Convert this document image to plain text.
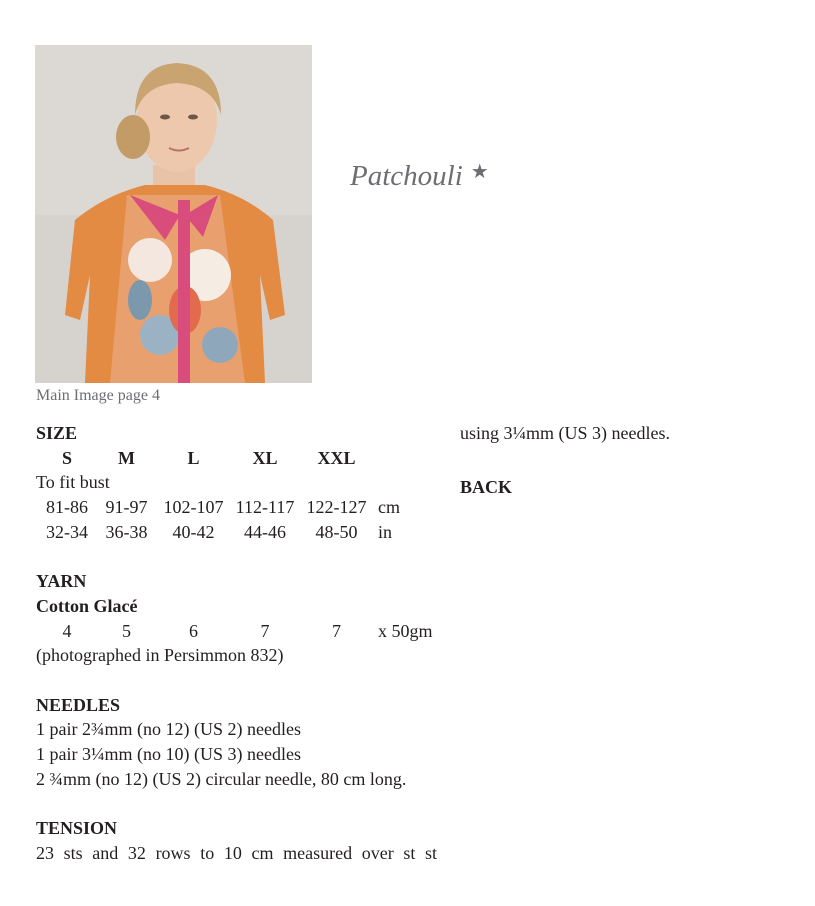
Main Image page 4
Patchouli ★
SIZE
S	M	L	XL	XXL
To fit bust
81-86 91-97 102-107 112-117 122-127 cm
32-34 36-38	40-42	44-46	48-50	in
YARN
Cotton Glacé
4	5	6	7	7	x 50gm
(photographed in Persimmon 832)
NEEDLES
1 pair 2¾mm (no 12) (US 2) needles
1 pair 3¼mm (no 10) (US 3) needles
2 ¾mm (no 12) (US 2) circular needle, 80 cm long.
TENSION
23 sts and 32 rows to 10 cm measured over st st
using 3¼mm (US 3) needles.
BACK
